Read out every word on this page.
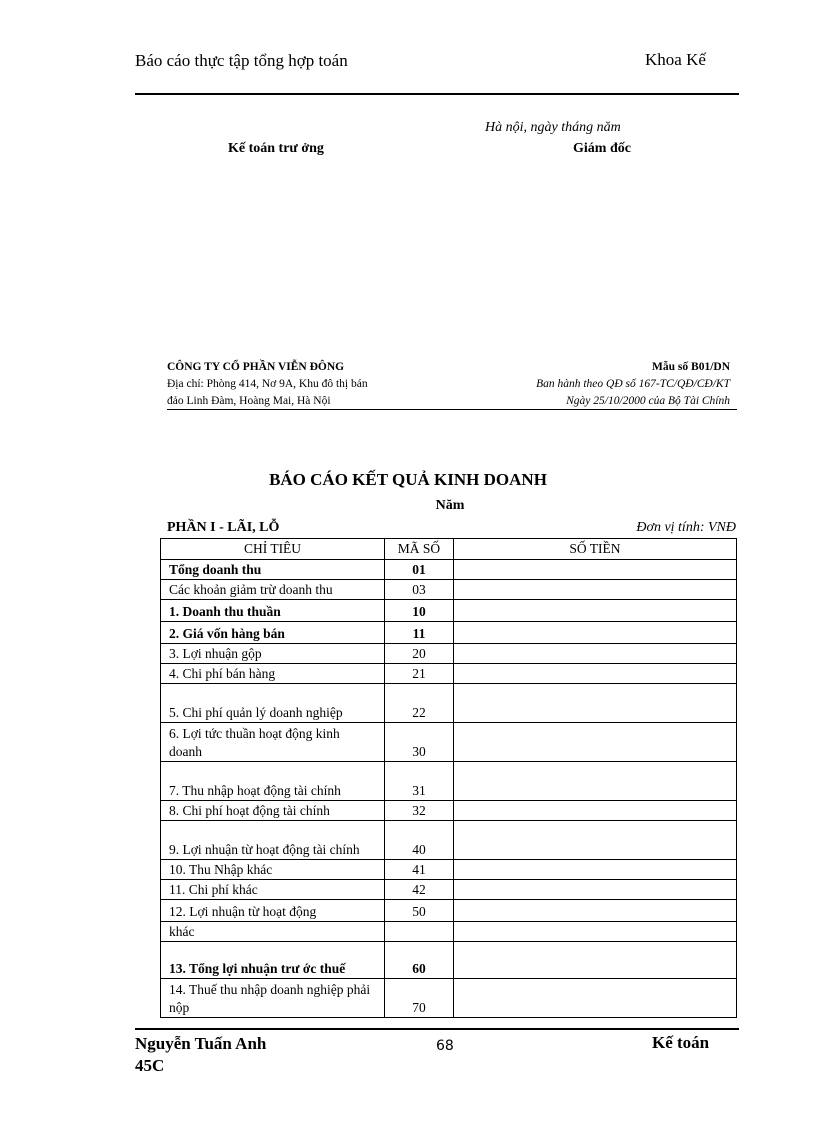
Báo cáo thực tập tổng hợp toán	Khoa Kế
Hà nội, ngày tháng năm
Kế toán trư ởng	Giám đốc
CÔNG TY CỔ PHẦN VIỄN ĐÔNG
Địa chỉ: Phòng 414, Nơ 9A, Khu đô thị bán
đảo Linh Đàm, Hoàng Mai, Hà Nội
Mẫu số B01/DN
Ban hành theo QĐ số 167-TC/QĐ/CĐ/KT
Ngày 25/10/2000 của Bộ Tài Chính
BÁO CÁO KẾT QUẢ KINH DOANH
Năm
PHẦN I - LÃI, LỖ	Đơn vị tính: VNĐ
CHỈ TIÊU	MÃ SỐ	SỐ TIỀN
Tổng doanh thu	01	
Các khoản giảm trừ doanh thu	03	
1. Doanh thu thuần	10	
2. Giá vốn hàng bán	11	
3. Lợi nhuận gộp	20	
4. Chi phí bán hàng	21	
5. Chi phí quản lý doanh nghiệp	22	
6. Lợi tức thuần hoạt động kinh doanh	30	
7. Thu nhập hoạt động tài chính	31	
8. Chi phí hoạt động tài chính	32	
9. Lợi nhuận từ hoạt động tài chính	40	
10. Thu Nhập khác	41	
11. Chi phí khác	42	
12. Lợi nhuận từ hoạt động	50	
khác		
13. Tổng lợi nhuận trư ớc thuế	60	
14. Thuế thu nhập doanh nghiệp phải nộp	70	
Nguyễn Tuấn Anh 45C
68	Kế toán
